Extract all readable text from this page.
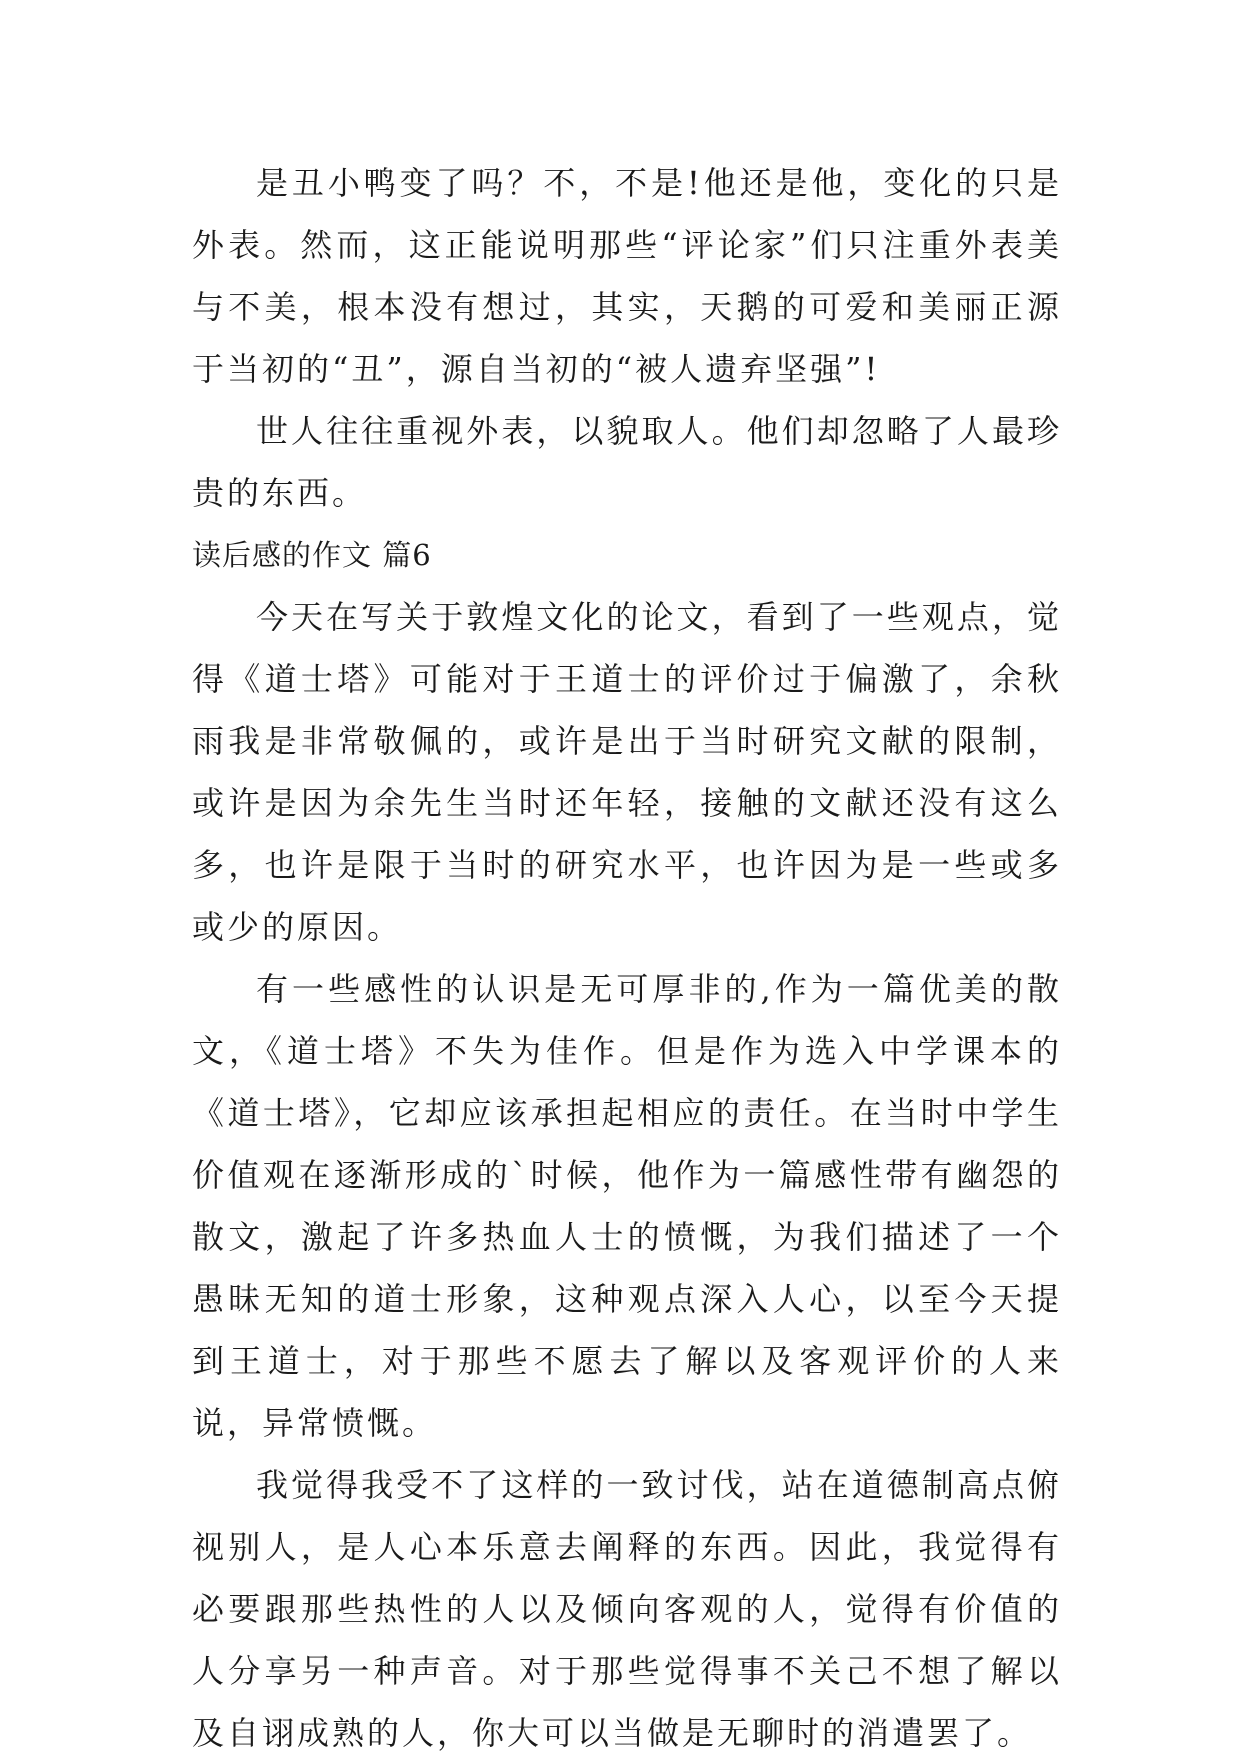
是丑小鸭变了吗？不，不是!他还是他，变化的只是外表。然而，这正能说明那些“评论家”们只注重外表美与不美，根本没有想过，其实，天鹅的可爱和美丽正源于当初的“丑”，源自当初的“被人遗弃坚强”!

世人往往重视外表，以貌取人。他们却忽略了人最珍贵的东西。

读后感的作文 篇6

今天在写关于敦煌文化的论文，看到了一些观点，觉得《道士塔》可能对于王道士的评价过于偏激了，余秋雨我是非常敬佩的，或许是出于当时研究文献的限制，或许是因为余先生当时还年轻，接触的文献还没有这么多，也许是限于当时的研究水平，也许因为是一些或多或少的原因。

有一些感性的认识是无可厚非的,作为一篇优美的散文，《道士塔》不失为佳作。但是作为选入中学课本的《道士塔》，它却应该承担起相应的责任。在当时中学生价值观在逐渐形成的`时候，他作为一篇感性带有幽怨的散文，激起了许多热血人士的愤慨，为我们描述了一个愚昧无知的道士形象，这种观点深入人心，以至今天提到王道士，对于那些不愿去了解以及客观评价的人来说，异常愤慨。

我觉得我受不了这样的一致讨伐，站在道德制高点俯视别人，是人心本乐意去阐释的东西。因此，我觉得有必要跟那些热性的人以及倾向客观的人，觉得有价值的人分享另一种声音。对于那些觉得事不关己不想了解以及自诩成熟的人，你大可以当做是无聊时的消遣罢了。
